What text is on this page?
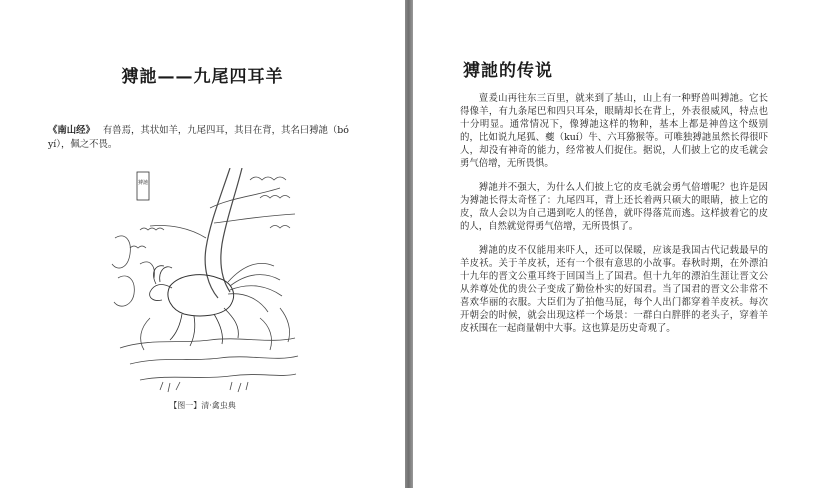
猼訑——九尾四耳羊
《南山经》 有兽焉，其状如羊，九尾四耳，其目在背，其名曰猼訑（bó yí），佩之不畏。
猼訑
【图一】清·禽虫典
猼訑的传说

亶爰山再往东三百里，就来到了基山，山上有一种野兽叫猼訑。它长得像羊，有九条尾巴和四只耳朵，眼睛却长在背上，外表很威风，特点也十分明显。通常情况下，像猼訑这样的物种，基本上都是神兽这个级别的，比如说九尾狐、夔（kuí）牛、六耳猕猴等。可唯独猼訑虽然长得很吓人，却没有神奇的能力，经常被人们捉住。据说，人们披上它的皮毛就会勇气倍增，无所畏惧。

猼訑并不强大，为什么人们披上它的皮毛就会勇气倍增呢？也许是因为猼訑长得太奇怪了：九尾四耳，背上还长着两只硕大的眼睛，披上它的皮，敌人会以为自己遇到吃人的怪兽，就吓得落荒而逃。这样披着它的皮的人，自然就觉得勇气倍增，无所畏惧了。

猼訑的皮不仅能用来吓人，还可以保暖，应该是我国古代记载最早的羊皮袄。关于羊皮袄，还有一个很有意思的小故事。春秋时期，在外漂泊十九年的晋文公重耳终于回国当上了国君。但十九年的漂泊生涯让晋文公从养尊处优的贵公子变成了勤俭朴实的好国君。当了国君的晋文公非常不喜欢华丽的衣服。大臣们为了拍他马屁，每个人出门都穿着羊皮袄。每次开朝会的时候，就会出现这样一个场景：一群白白胖胖的老头子，穿着羊皮袄围在一起商量朝中大事。这也算是历史奇观了。
